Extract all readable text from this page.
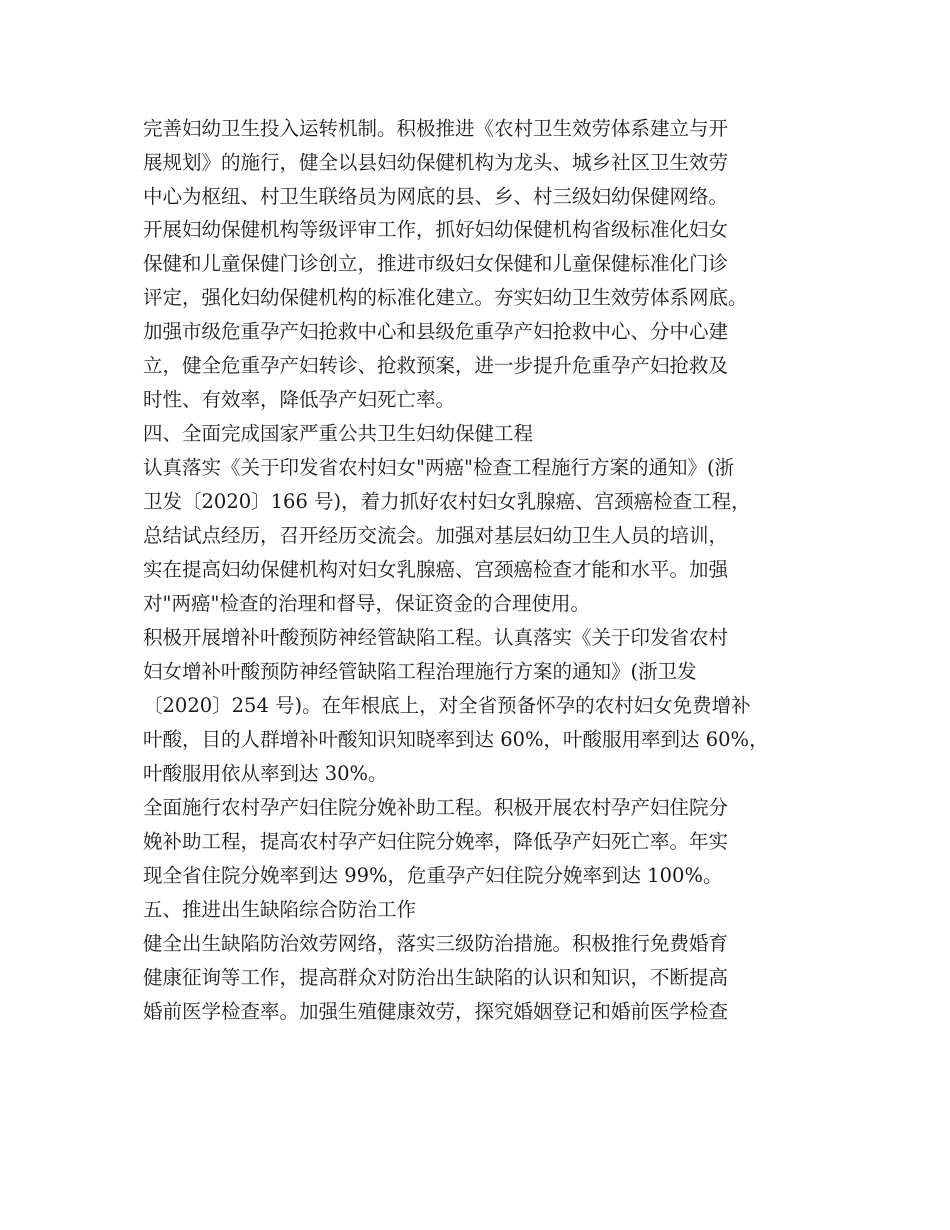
完善妇幼卫生投入运转机制。积极推进《农村卫生效劳体系建立与开

展规划》的施行，健全以县妇幼保健机构为龙头、城乡社区卫生效劳

中心为枢纽、村卫生联络员为网底的县、乡、村三级妇幼保健网络。

开展妇幼保健机构等级评审工作，抓好妇幼保健机构省级标准化妇女

保健和儿童保健门诊创立，推进市级妇女保健和儿童保健标准化门诊

评定，强化妇幼保健机构的标准化建立。夯实妇幼卫生效劳体系网底。

加强市级危重孕产妇抢救中心和县级危重孕产妇抢救中心、分中心建

立，健全危重孕产妇转诊、抢救预案，进一步提升危重孕产妇抢救及

时性、有效率，降低孕产妇死亡率。

四、全面完成国家严重公共卫生妇幼保健工程

认真落实《关于印发省农村妇女"两癌"检查工程施行方案的通知》(浙

卫发〔2020〕166 号)，着力抓好农村妇女乳腺癌、宫颈癌检查工程，

总结试点经历，召开经历交流会。加强对基层妇幼卫生人员的培训，

实在提高妇幼保健机构对妇女乳腺癌、宫颈癌检查才能和水平。加强

对"两癌"检查的治理和督导，保证资金的合理使用。

积极开展增补叶酸预防神经管缺陷工程。认真落实《关于印发省农村

妇女增补叶酸预防神经管缺陷工程治理施行方案的通知》(浙卫发

〔2020〕254 号)。在年根底上，对全省预备怀孕的农村妇女免费增补

叶酸，目的人群增补叶酸知识知晓率到达 60%，叶酸服用率到达 60%，

叶酸服用依从率到达 30%。

全面施行农村孕产妇住院分娩补助工程。积极开展农村孕产妇住院分

娩补助工程，提高农村孕产妇住院分娩率，降低孕产妇死亡率。年实

现全省住院分娩率到达 99%，危重孕产妇住院分娩率到达 100%。

五、推进出生缺陷综合防治工作

健全出生缺陷防治效劳网络，落实三级防治措施。积极推行免费婚育

健康征询等工作，提高群众对防治出生缺陷的认识和知识，不断提高

婚前医学检查率。加强生殖健康效劳，探究婚姻登记和婚前医学检查
